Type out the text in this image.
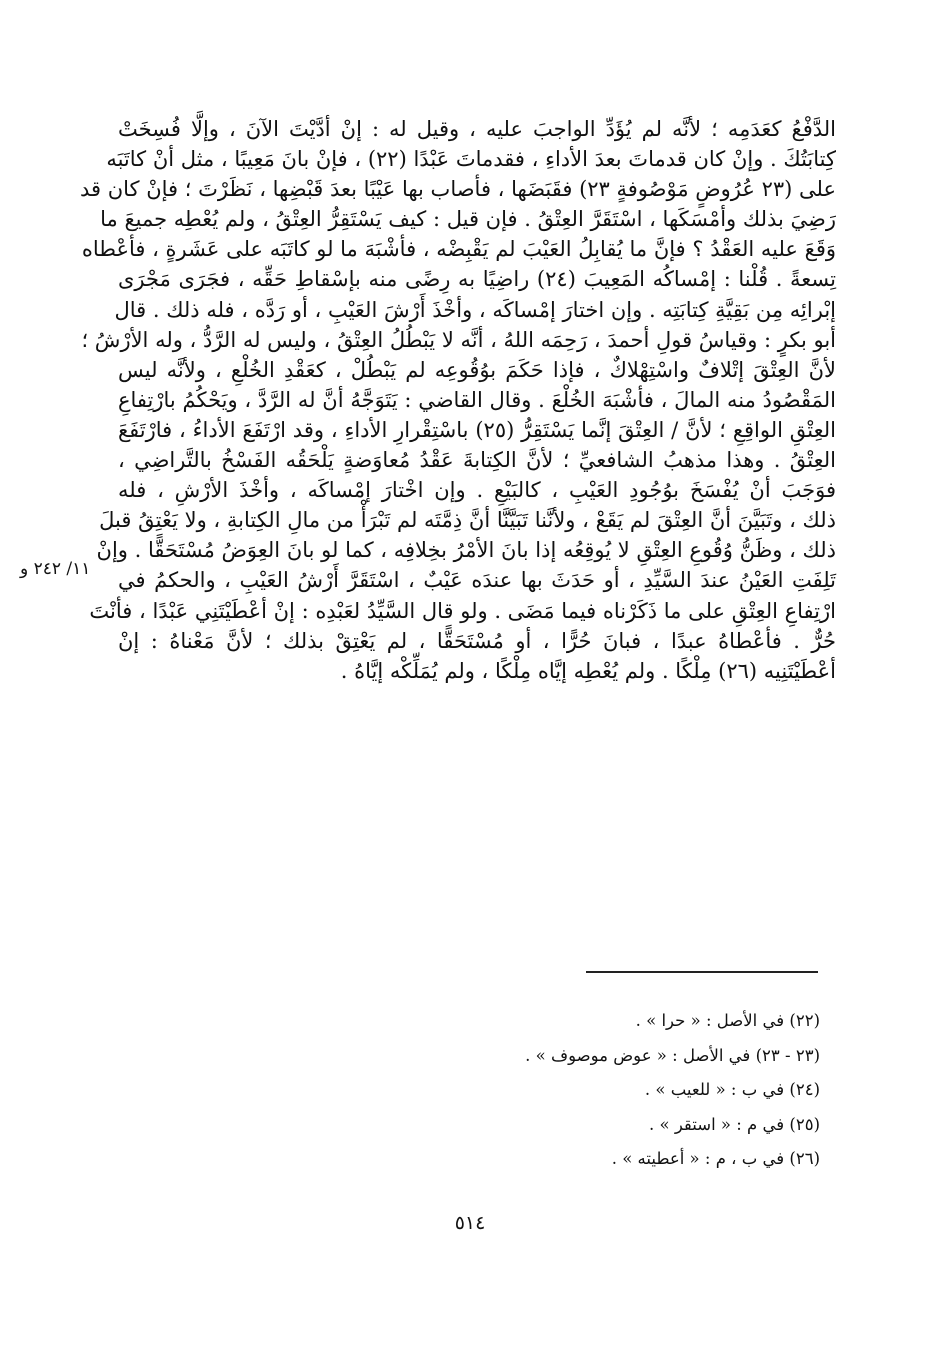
الدَّفْعُ كعَدَمِه ؛ لأنَّه لم يُؤَدِّ الواجبَ عليه ، وقيل له : إنْ أدَّيْتَ الآنَ ، وإلَّا فُسِخَتْ
كِتابَتُكَ . وإنْ كان قدماتَ بعدَ الأداءِ ، فقدماتَ عَبْدًا (٢٢) ، فإنْ بانَ مَعِيبًا ، مثل أنْ كاتَبَه
على (٢٣ عُرُوضٍ مَوْصُوفةٍ ٢٣) فقَبَضَها ، فأصاب بها عَيْبًا بعدَ قَبْضِها ، نَظَرْتَ ؛ فإنْ كان قد
رَضِيَ بذلك وأمْسَكَها ، اسْتَقَرَّ العِتْقُ . فإن قيل : كيف يَسْتَقِرُّ العِتْقُ ، ولم يُعْطِه جميعَ ما
وَقَعَ عليه العَقْدُ ؟ فإنَّ ما يُقابِلُ العَيْبَ لم يَقْبِضْه ، فأشْبَهَ ما لو كاتَبَه على عَشَرةٍ ، فأعْطاه
تِسعةً . قُلْنا : إمْساكُه المَعِيبَ (٢٤) راضِيًا به رِضًى منه بإسْقاطِ حَقِّه ، فجَرَى مَجْرَى
إبْرائِه مِن بَقِيَّةِ كِتابَتِه . وإن اختارَ إمْساكَه ، وأخْذَ أَرْشَ العَيْبِ ، أو رَدَّه ، فله ذلك . قال
أبو بكرٍ : وقياسُ قولِ أحمدَ ، رَحِمَه اللهُ ، أنَّه لا يَبْطُلُ العِتْقُ ، وليس له الرَّدُّ ، وله الأرْشُ ؛
لأنَّ العِتْقَ إتْلافٌ واسْتِهْلاكٌ ، فإذا حَكَمَ بوُقُوعِه لم يَبْطُلْ ، كعَقْدِ الخُلْعِ ، ولأنَّه ليس
المَقْصُودُ منه المالَ ، فأشْبَهَ الخُلْعَ . وقال القاضي : يَتَوَجَّهُ أنَّ له الرَّدَّ ، ويَحْكُمُ بارْتِفاعِ
العِتْقِ الواقِعِ ؛ لأنَّ / العِتْقَ إنَّما يَسْتَقِرُّ (٢٥) باسْتِقْرارِ الأداءِ ، وقد ارْتَفَعَ الأداءُ ، فارْتَفَعَ
العِتْقُ . وهذا مذهبُ الشافعيِّ ؛ لأنَّ الكِتابةَ عَقْدُ مُعاوَضةٍ يَلْحَقُه الفَسْخُ بالتَّراضِي ،
فوَجَبَ أنْ يُفْسَخَ بوُجُودِ العَيْبِ ، كالبَيْعِ . وإن اخْتارَ إمْساكَه ، وأخْذَ الأرْشِ ، فله
ذلك ، وتَبَيَّنَ أنَّ العِتْقَ لم يَقَعْ ، ولأنَّنا تَبَيَّنَّا أنَّ ذِمَّتَه لم تَبْرَأْ من مالِ الكِتابةِ ، ولا يَعْتِقُ قبلَ
ذلك ، وظَنُّ وُقُوعِ العِتْقِ لا يُوقِعُه إذا بانَ الأمْرُ بخِلافِه ، كما لو بانَ العِوَضُ مُسْتَحَقًّا . وإنْ
تَلِفَتِ العَيْنُ عندَ السَّيِّدِ ، أو حَدَثَ بها عندَه عَيْبٌ ، اسْتَقَرَّ أَرْشُ العَيْبِ ، والحكمُ في
ارْتِفاعِ العِتْقِ على ما ذَكَرْناه فيما مَضَى . ولو قال السَّيِّدُ لعَبْدِه : إنْ أعْطَيْتَنِي عَبْدًا ، فأنْتَ
حُرٌّ . فأعْطاهُ عبدًا ، فبانَ حُرًّا ، أو مُسْتَحَقًّا ، لم يَعْتِقْ بذلك ؛ لأنَّ مَعْناهُ : إنْ
أعْطَيْتَنِيه (٢٦) مِلْكًا . ولم يُعْطِه إيَّاه مِلْكًا ، ولم يُمَلِّكْه إيَّاهُ .
١١/ ٢٤٢ و
(٢٢) في الأصل : « حرا » .
(٢٣ - ٢٣) في الأصل : « عوض موصوف » .
(٢٤) في ب : « للعيب » .
(٢٥) في م : « استقر » .
(٢٦) في ب ، م : « أعطيته » .
٥١٤
